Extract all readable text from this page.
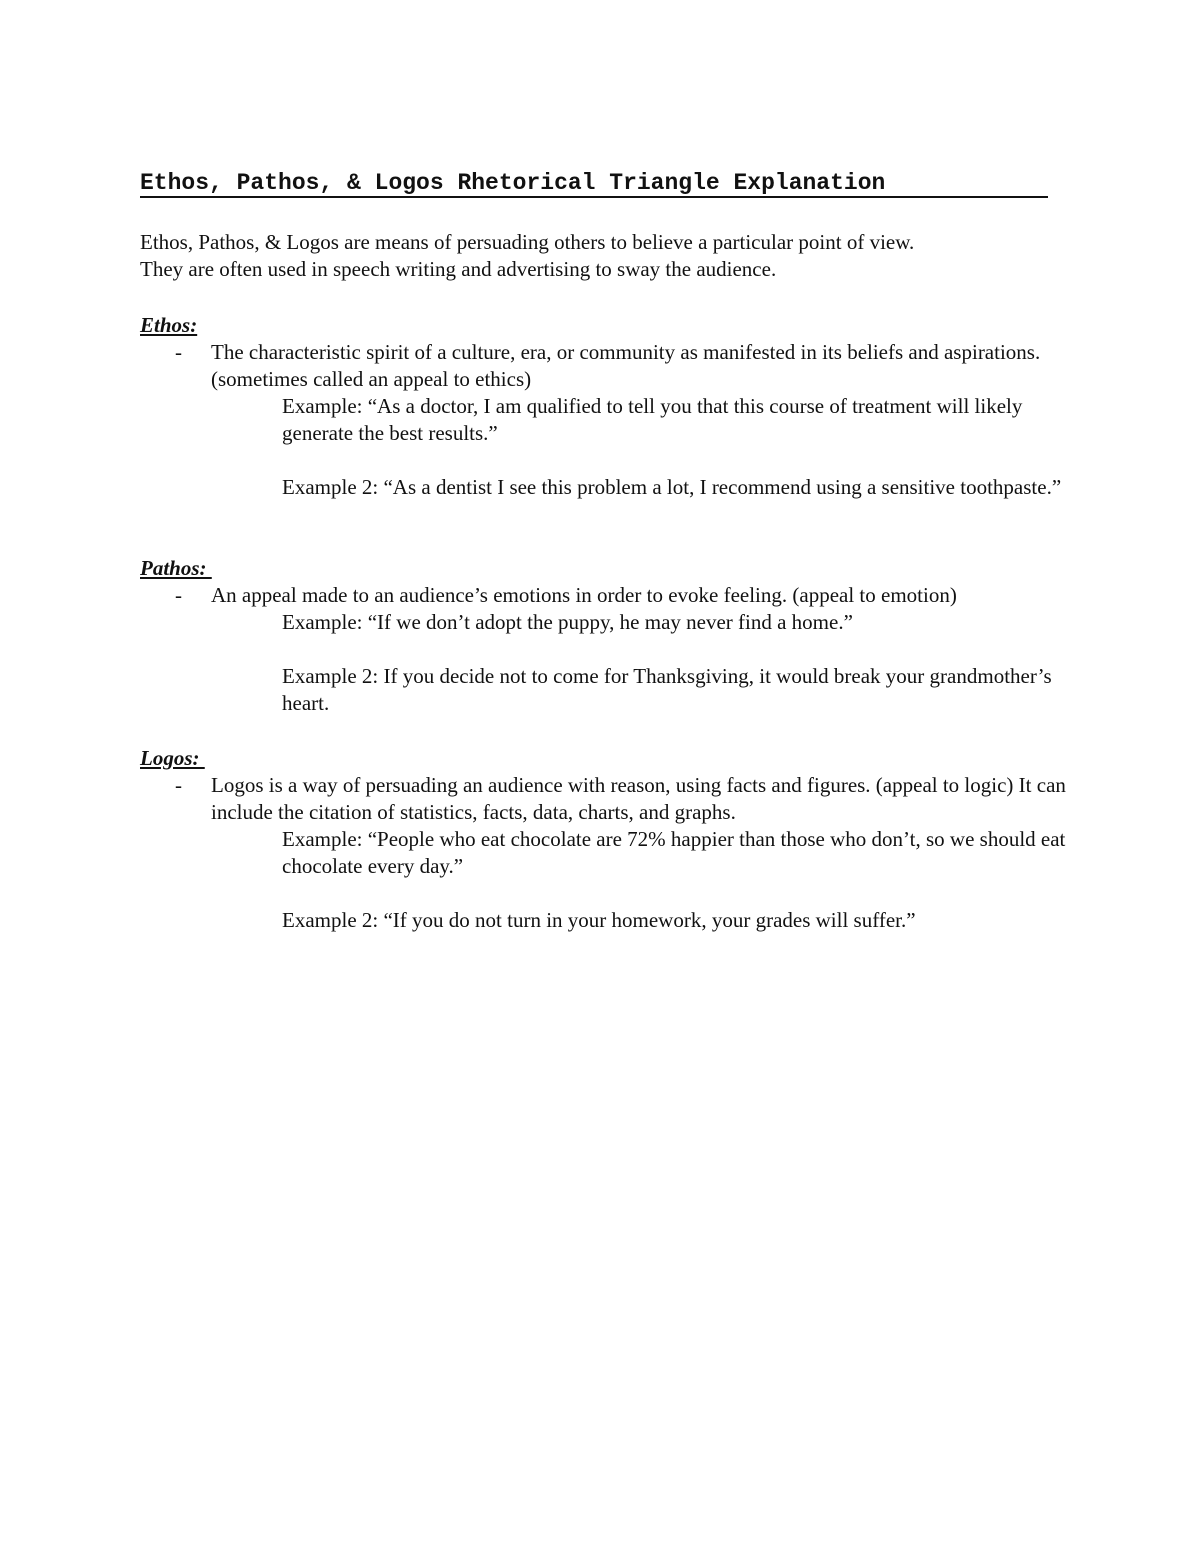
Ethos, Pathos, & Logos Rhetorical Triangle Explanation

Ethos, Pathos, & Logos are means of persuading others to believe a particular point of view.

They are often used in speech writing and advertising to sway the audience.

Ethos:
- The characteristic spirit of a culture, era, or community as manifested in its beliefs and aspirations. (sometimes called an appeal to ethics)
Example: “As a doctor, I am qualified to tell you that this course of treatment will likely generate the best results.”
Example 2: “As a dentist I see this problem a lot, I recommend using a sensitive toothpaste.”
Pathos:
- An appeal made to an audience’s emotions in order to evoke feeling. (appeal to emotion)
Example: “If we don’t adopt the puppy, he may never find a home.”
Example 2: If you decide not to come for Thanksgiving, it would break your grandmother’s heart.
Logos:
- Logos is a way of persuading an audience with reason, using facts and figures. (appeal to logic) It can include the citation of statistics, facts, data, charts, and graphs.
Example: “People who eat chocolate are 72% happier than those who don’t, so we should eat chocolate every day.”
Example 2: “If you do not turn in your homework, your grades will suffer.”
